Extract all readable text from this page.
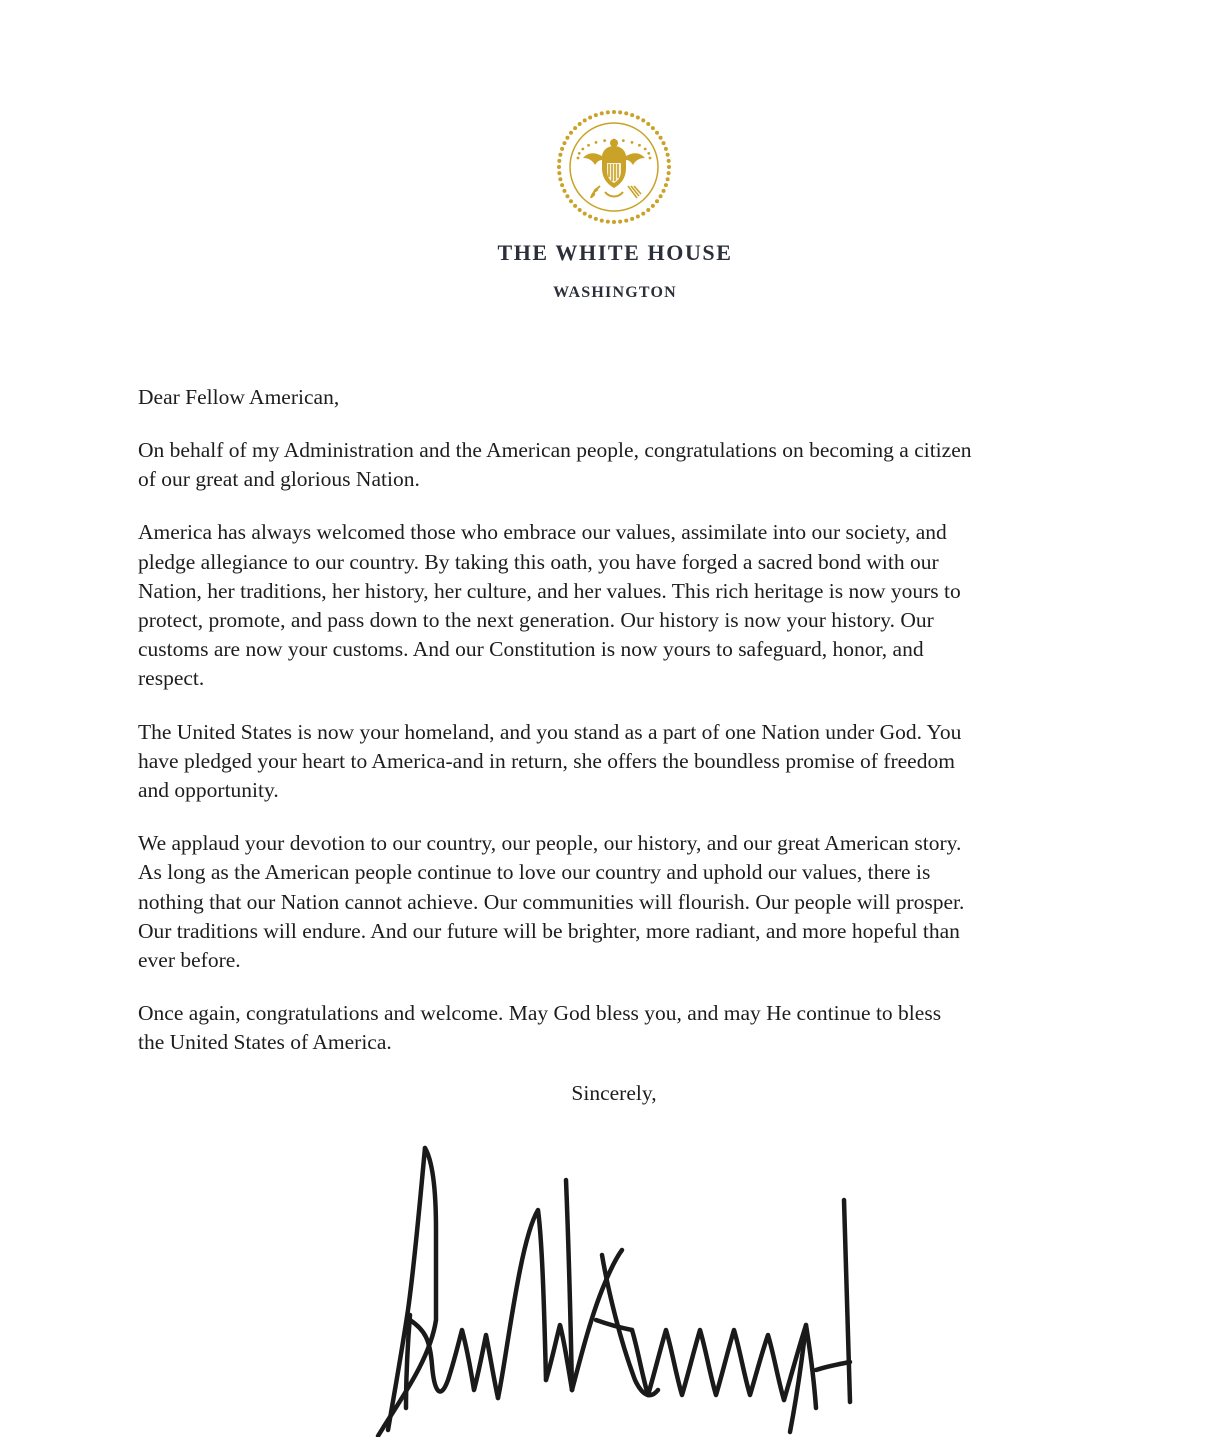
THE WHITE HOUSE
WASHINGTON
Dear Fellow American,

On behalf of my Administration and the American people, congratulations on becoming a citizen
of our great and glorious Nation.

America has always welcomed those who embrace our values, assimilate into our society, and
pledge allegiance to our country. By taking this oath, you have forged a sacred bond with our
Nation, her traditions, her history, her culture, and her values. This rich heritage is now yours to
protect, promote, and pass down to the next generation. Our history is now your history. Our
customs are now your customs. And our Constitution is now yours to safeguard, honor, and
respect.

The United States is now your homeland, and you stand as a part of one Nation under God. You
have pledged your heart to America-and in return, she offers the boundless promise of freedom
and opportunity.

We applaud your devotion to our country, our people, our history, and our great American story.
As long as the American people continue to love our country and uphold our values, there is
nothing that our Nation cannot achieve. Our communities will flourish. Our people will prosper.
Our traditions will endure. And our future will be brighter, more radiant, and more hopeful than
ever before.

Once again, congratulations and welcome. May God bless you, and may He continue to bless
the United States of America.

Sincerely,
